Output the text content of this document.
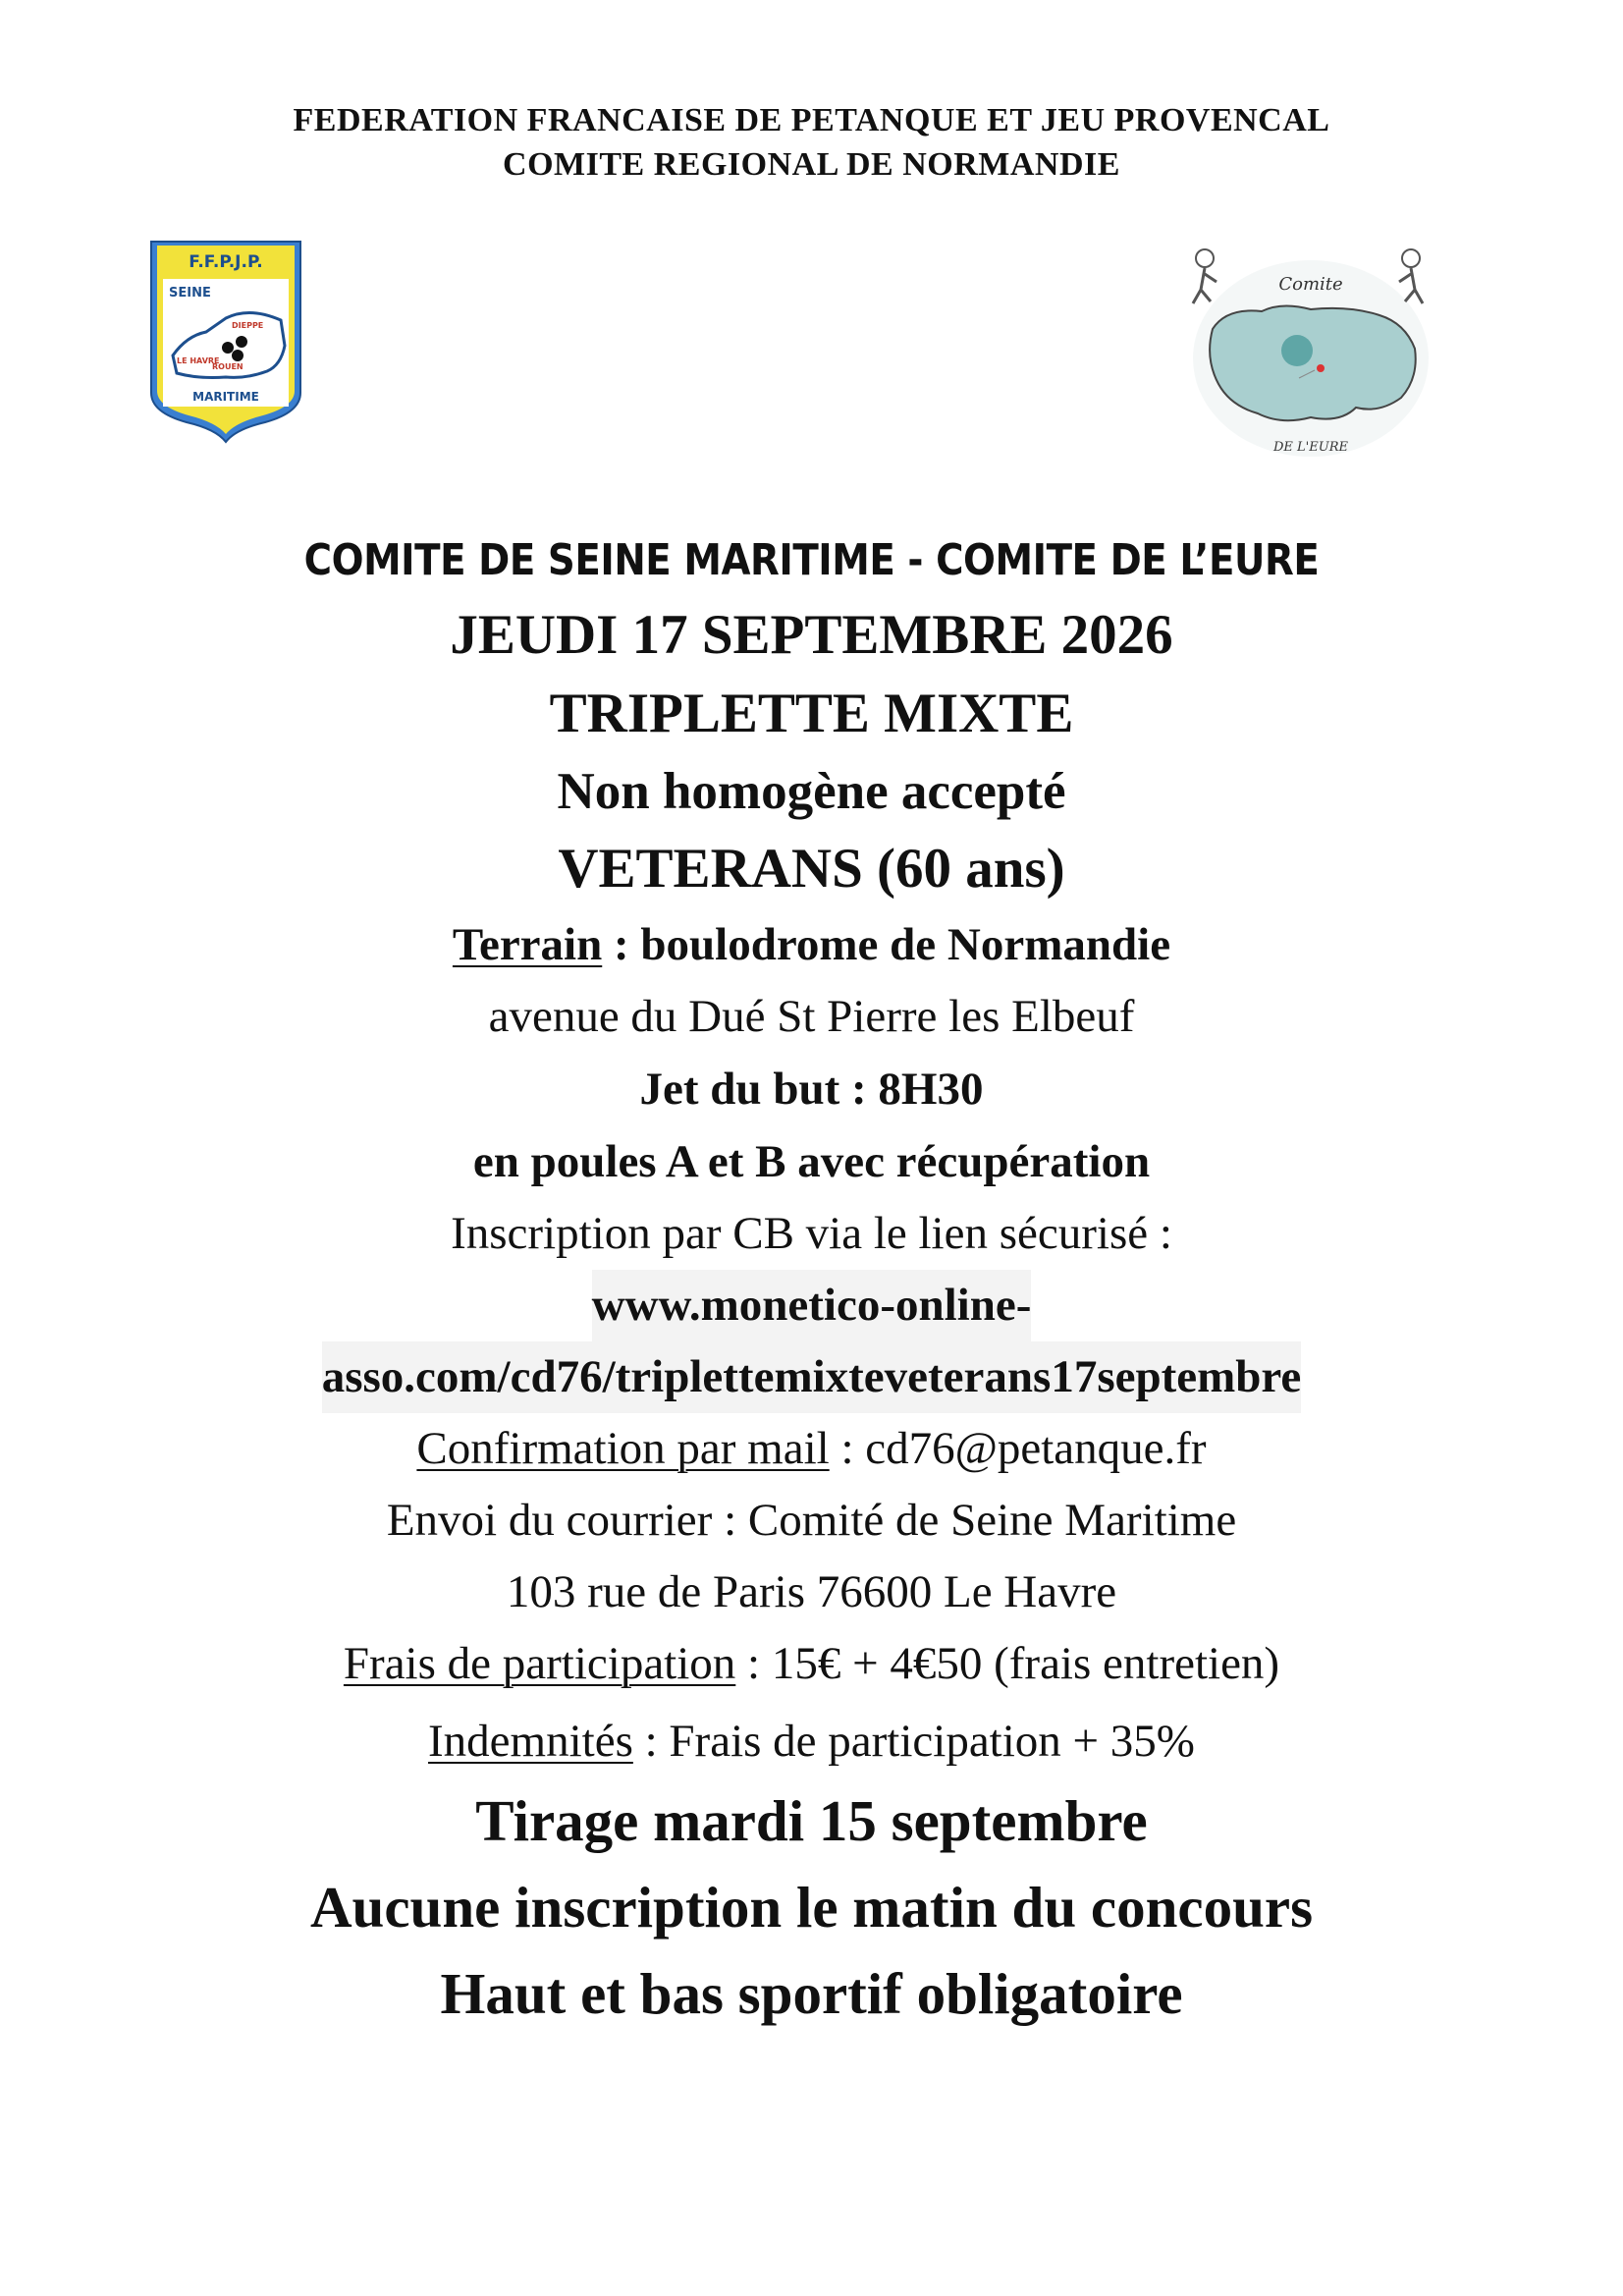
FEDERATION FRANCAISE DE PETANQUE ET JEU PROVENCAL
COMITE REGIONAL DE NORMANDIE
F.F.P.J.P.
SEINE
DIEPPE
LE HAVRE
ROUEN
MARITIME
Comite
DE L'EURE
COMITE DE SEINE MARITIME - COMITE DE L’EURE
JEUDI 17 SEPTEMBRE 2026
TRIPLETTE MIXTE
Non homogène accepté
VETERANS (60 ans)
Terrain : boulodrome de Normandie
avenue du Dué St Pierre les Elbeuf
Jet du but : 8H30
en poules A et B avec récupération
Inscription par CB via le lien sécurisé :
www.monetico-online-
asso.com/cd76/triplettemixteveterans17septembre
Confirmation par mail : cd76@petanque.fr
Envoi du courrier : Comité de Seine Maritime
103 rue de Paris 76600 Le Havre
Frais de participation : 15€ + 4€50 (frais entretien)
Indemnités : Frais de participation + 35%
Tirage mardi 15 septembre
Aucune inscription le matin du concours
Haut et bas sportif obligatoire
